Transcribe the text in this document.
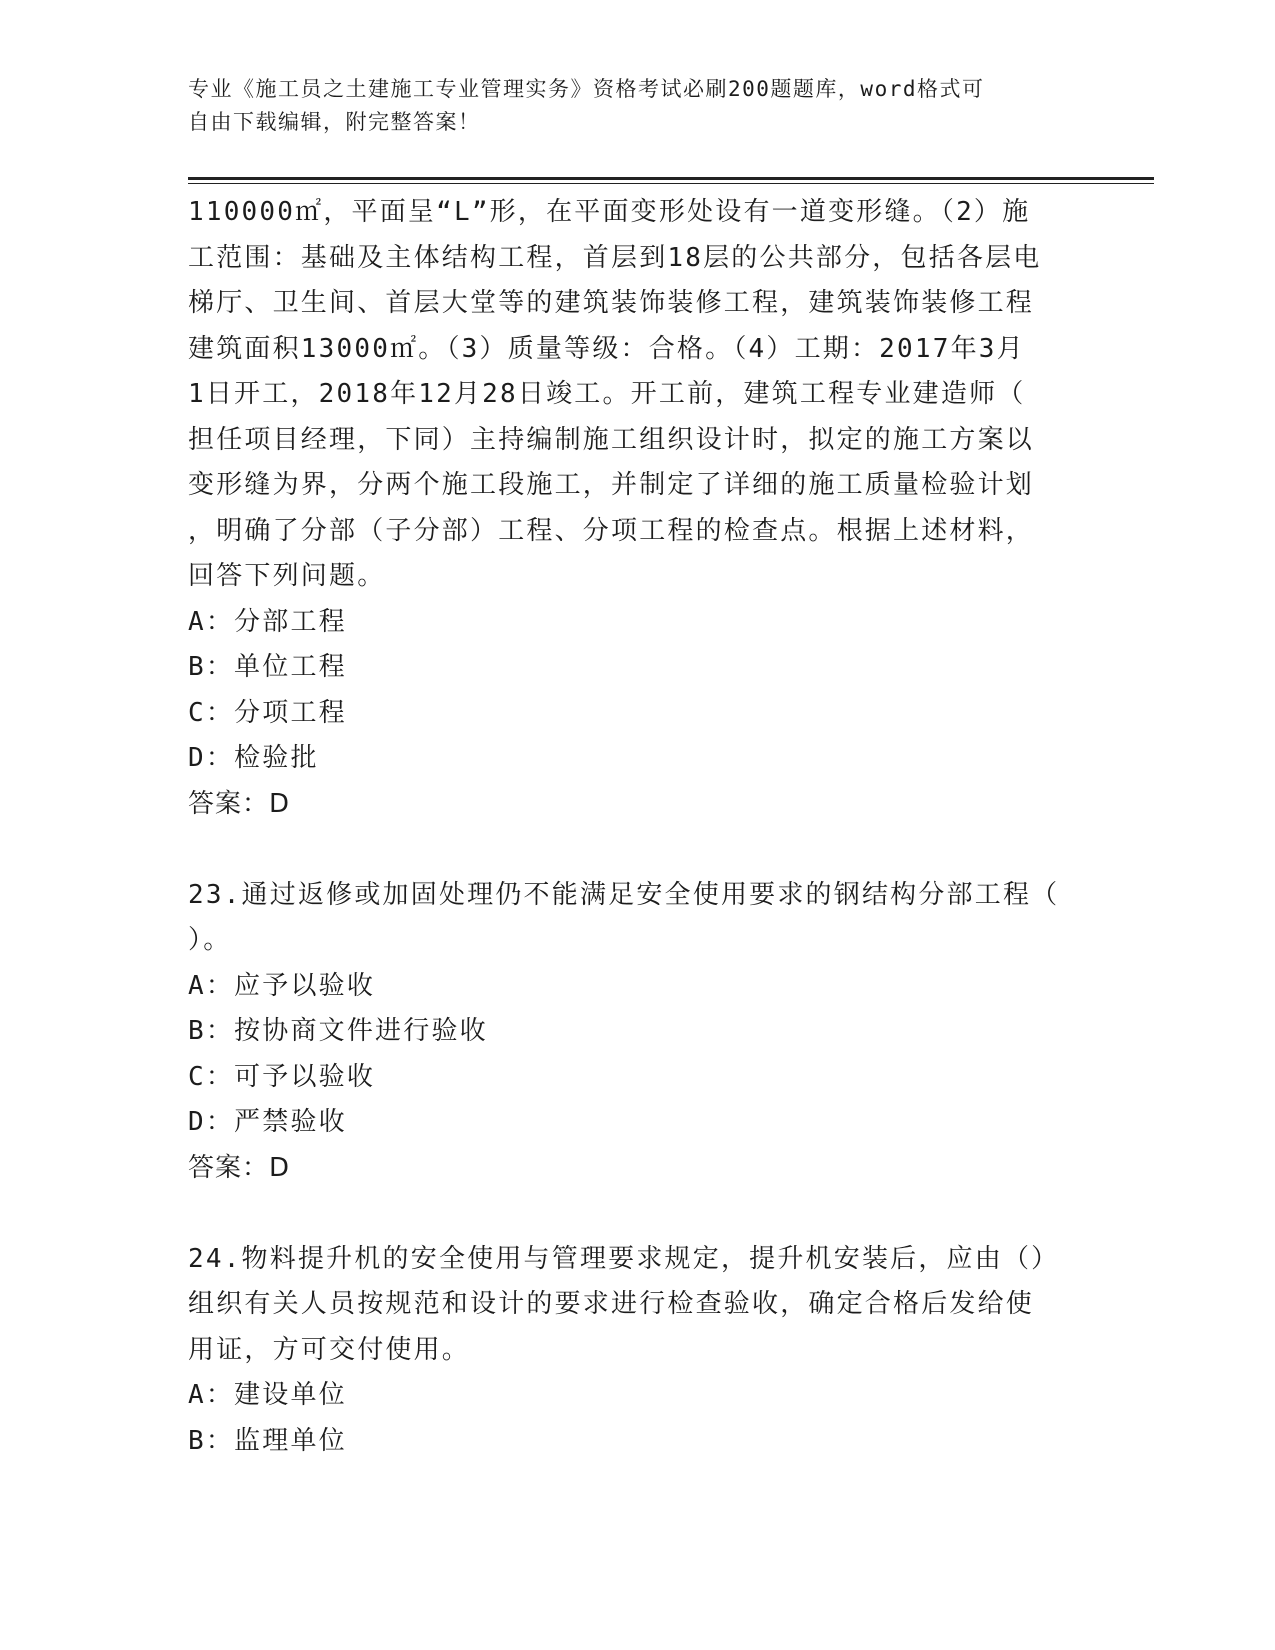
专业《施工员之土建施工专业管理实务》资格考试必刷200题题库，word格式可
自由下载编辑，附完整答案！
110000㎡，平面呈“L”形，在平面变形处设有一道变形缝。（2）施
工范围：基础及主体结构工程，首层到18层的公共部分，包括各层电
梯厅、卫生间、首层大堂等的建筑装饰装修工程，建筑装饰装修工程
建筑面积13000㎡。（3）质量等级：合格。（4）工期：2017年3月
1日开工，2018年12月28日竣工。开工前，建筑工程专业建造师（
担任项目经理，下同）主持编制施工组织设计时，拟定的施工方案以
变形缝为界，分两个施工段施工，并制定了详细的施工质量检验计划
，明确了分部（子分部）工程、分项工程的检查点。根据上述材料，
回答下列问题。
A：分部工程
B：单位工程
C：分项工程
D：检验批
答案：D
23.通过返修或加固处理仍不能满足安全使用要求的钢结构分部工程（
）。
A：应予以验收
B：按协商文件进行验收
C：可予以验收
D：严禁验收
答案：D
24.物料提升机的安全使用与管理要求规定，提升机安装后，应由（）
组织有关人员按规范和设计的要求进行检查验收，确定合格后发给使
用证，方可交付使用。
A：建设单位
B：监理单位
